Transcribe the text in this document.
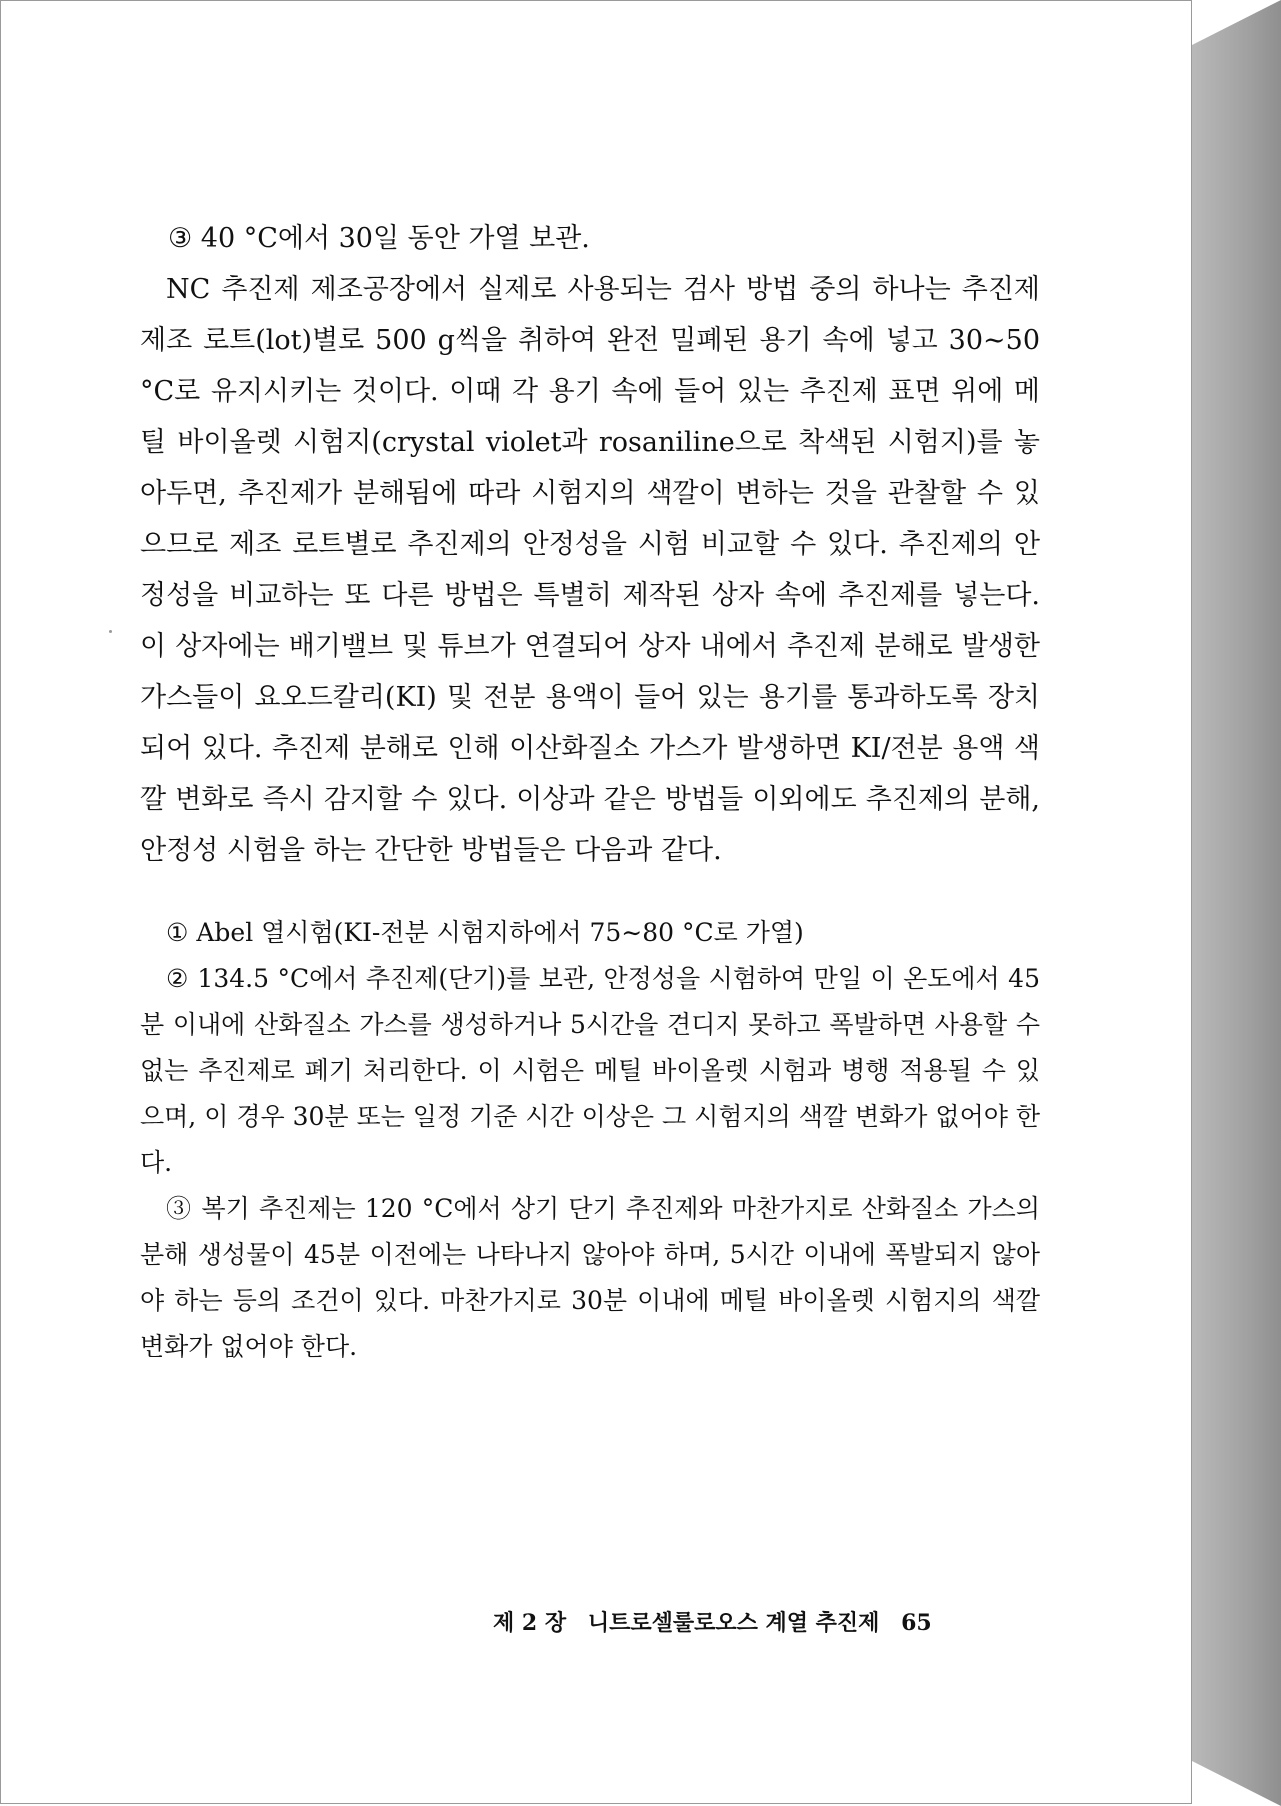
③ 40 °C에서 30일 동안 가열 보관.

NC 추진제 제조공장에서 실제로 사용되는 검사 방법 중의 하나는 추진제 제조 로트(lot)별로 500 g씩을 취하여 완전 밀폐된 용기 속에 넣고 30∼50 °C로 유지시키는 것이다. 이때 각 용기 속에 들어 있는 추진제 표면 위에 메틸 바이올렛 시험지(crystal violet과 rosaniline으로 착색된 시험지)를 놓아두면, 추진제가 분해됨에 따라 시험지의 색깔이 변하는 것을 관찰할 수 있으므로 제조 로트별로 추진제의 안정성을 시험 비교할 수 있다. 추진제의 안정성을 비교하는 또 다른 방법은 특별히 제작된 상자 속에 추진제를 넣는다. 이 상자에는 배기밸브 및 튜브가 연결되어 상자 내에서 추진제 분해로 발생한 가스들이 요오드칼리(KI) 및 전분 용액이 들어 있는 용기를 통과하도록 장치되어 있다. 추진제 분해로 인해 이산화질소 가스가 발생하면 KI/전분 용액 색깔 변화로 즉시 감지할 수 있다. 이상과 같은 방법들 이외에도 추진제의 분해, 안정성 시험을 하는 간단한 방법들은 다음과 같다.

① Abel 열시험(KI-전분 시험지하에서 75∼80 °C로 가열)

② 134.5 °C에서 추진제(단기)를 보관, 안정성을 시험하여 만일 이 온도에서 45분 이내에 산화질소 가스를 생성하거나 5시간을 견디지 못하고 폭발하면 사용할 수 없는 추진제로 폐기 처리한다. 이 시험은 메틸 바이올렛 시험과 병행 적용될 수 있으며, 이 경우 30분 또는 일정 기준 시간 이상은 그 시험지의 색깔 변화가 없어야 한다.

③ 복기 추진제는 120 °C에서 상기 단기 추진제와 마찬가지로 산화질소 가스의 분해 생성물이 45분 이전에는 나타나지 않아야 하며, 5시간 이내에 폭발되지 않아야 하는 등의 조건이 있다. 마찬가지로 30분 이내에 메틸 바이올렛 시험지의 색깔 변화가 없어야 한다.

제 2 장 니트로셀룰로오스 계열 추진제 65
